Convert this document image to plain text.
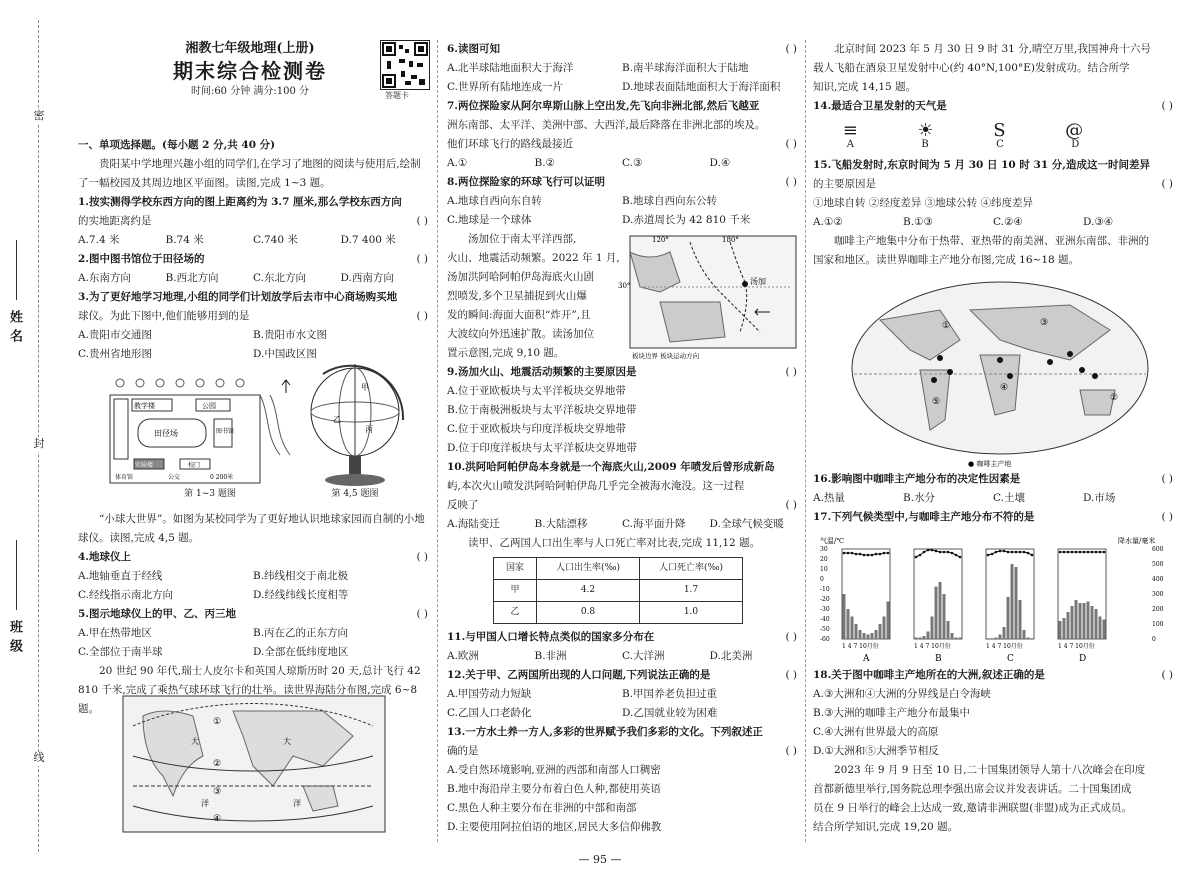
密
封
线
姓名
班级
湘教七年级地理(上册)
期末综合检测卷
时间:60 分钟 满分:100 分	答题卡
一、单项选择题。(每小题 2 分,共 40 分)
贵阳某中学地理兴趣小组的同学们,在学习了地图的阅读与使用后,绘制了一幅校园及其周边地区平面图。读图,完成 1~3 题。
1.按实测得学校东西方向的图上距离约为 3.7 厘米,那么学校东西方向
的实地距离约是	( )
A.7.4 米	B.74 米	C.740 米	D.7 400 米
2.图中图书馆位于田径场的	( )
A.东南方向	B.西北方向	C.东北方向	D.西南方向
3.为了更好地学习地理,小组的同学们计划放学后去市中心商场购买地
球仪。为此下图中,他们能够用到的是	( )
A.贵阳市交通图	B.贵阳市水文图
C.贵州省地形图	D.中国政区图
教学楼	公园
田径场	图书馆
实验楼	校门
公交
体育馆	0 200米
第 1~3 题图
甲
乙
丙
第 4,5 题图
“小球大世界”。如图为某校同学为了更好地认识地球家园而自制的小地球仪。读图,完成 4,5 题。
4.地球仪上	( )
A.地轴垂直于经线	B.纬线相交于南北极
C.经线指示南北方向	D.经线纬线长度相等
5.图示地球仪上的甲、乙、丙三地	( )
A.甲在热带地区	B.丙在乙的正东方向
C.全部位于南半球	D.全部在低纬度地区
20 世纪 90 年代,瑞士人皮尔卡和英国人琼斯历时 20 天,总计飞行 42 810 千米,完成了乘热气球环球飞行的壮举。读世界海陆分布图,完成 6~8 题。
①
②
③
④
大	大
洋	洋
6.读图可知	( )
A.北半球陆地面积大于海洋	B.南半球海洋面积大于陆地
C.世界所有陆地连成一片	D.地球表面陆地面积大于海洋面积
7.两位探险家从阿尔卑斯山脉上空出发,先飞向非洲北部,然后飞越亚
洲东南部、太平洋、美洲中部、大西洋,最后降落在非洲北部的埃及。
他们环球飞行的路线最接近	( )
A.①	B.②	C.③	D.④
8.两位探险家的环球飞行可以证明	( )
A.地球自西向东自转	B.地球自西向东公转
C.地球是一个球体	D.赤道周长为 42 810 千米
汤加位于南太平洋西部,
火山、地震活动频繁。2022 年 1 月,
汤加洪阿哈阿帕伊岛海底火山剧
烈喷发,多个卫星捕捉到火山爆
发的瞬间:海面大面积“炸开”,且
大波纹向外迅速扩散。读汤加位
置示意图,完成 9,10 题。
9.汤加火山、地震活动频繁的主要原因是	( )
A.位于亚欧板块与太平洋板块交界地带
B.位于南极洲板块与太平洋板块交界地带
C.位于亚欧板块与印度洋板块交界地带
D.位于印度洋板块与太平洋板块交界地带
10.洪阿哈阿帕伊岛本身就是一个海底火山,2009 年喷发后曾形成新岛
屿,本次火山喷发洪阿哈阿帕伊岛几乎完全被海水淹没。这一过程
反映了	( )
A.海陆变迁	B.大陆漂移	C.海平面升降	D.全球气候变暖
读甲、乙两国人口出生率与人口死亡率对比表,完成 11,12 题。
国家	人口出生率(‰)	人口死亡率(‰)
甲	4.2	1.7
乙	0.8	1.0
11.与甲国人口增长特点类似的国家多分布在	( )
A.欧洲	B.非洲	C.大洋洲	D.北美洲
12.关于甲、乙两国所出现的人口问题,下列说法正确的是	( )
A.甲国劳动力短缺	B.甲国养老负担过重
C.乙国人口老龄化	D.乙国就业较为困难
13.一方水土养一方人,多彩的世界赋予我们多彩的文化。下列叙述正
确的是	( )
A.受自然环境影响,亚洲的西部和南部人口稠密
B.地中海沿岸主要分布着白色人种,都使用英语
C.黑色人种主要分布在非洲的中部和南部
D.主要使用阿拉伯语的地区,居民大多信仰佛教
120°	180°
30°	汤加
板块边界 板块运动方向
北京时间 2023 年 5 月 30 日 9 时 31 分,晴空万里,我国神舟十六号
载人飞船在酒泉卫星发射中心(约 40°N,100°E)发射成功。结合所学
知识,完成 14,15 题。
14.最适合卫星发射的天气是	( )
≡	☀	S	@
A	B	C	D
15.飞船发射时,东京时间为 5 月 30 日 10 时 31 分,造成这一时间差异
的主要原因是	( )
①地球自转 ②经度差异 ③地球公转 ④纬度差异
A.①②	B.①③	C.②④	D.③④
咖啡主产地集中分布于热带、亚热带的南美洲、亚洲东南部、非洲的
国家和地区。读世界咖啡主产地分布图,完成 16~18 题。
①
②
③
④
⑤
● 咖啡主产地
16.影响图中咖啡主产地分布的决定性因素是	( )
A.热量	B.水分	C.土壤	D.市场
17.下列气候类型中,与咖啡主产地分布不符的是	( )
气温/℃	降水量/毫米
30
20
10
0
-10
-20
-30
-40
-50
-60
600
500
400
300
200
100
0
1 4 7 10月份
A
1 4 7 10月份
B
1 4 7 10月份
C
1 4 7 10月份
D
18.关于图中咖啡主产地所在的大洲,叙述正确的是	( )
A.③大洲和④大洲的分界线是白令海峡
B.③大洲的咖啡主产地分布最集中
C.④大洲有世界最大的高原
D.①大洲和⑤大洲季节相反
2023 年 9 月 9 日至 10 日,二十国集团领导人第十八次峰会在印度
首都新德里举行,国务院总理李强出席会议并发表讲话。二十国集团成
员在 9 日举行的峰会上达成一致,邀请非洲联盟(非盟)成为正式成员。
结合所学知识,完成 19,20 题。
— 95 —
